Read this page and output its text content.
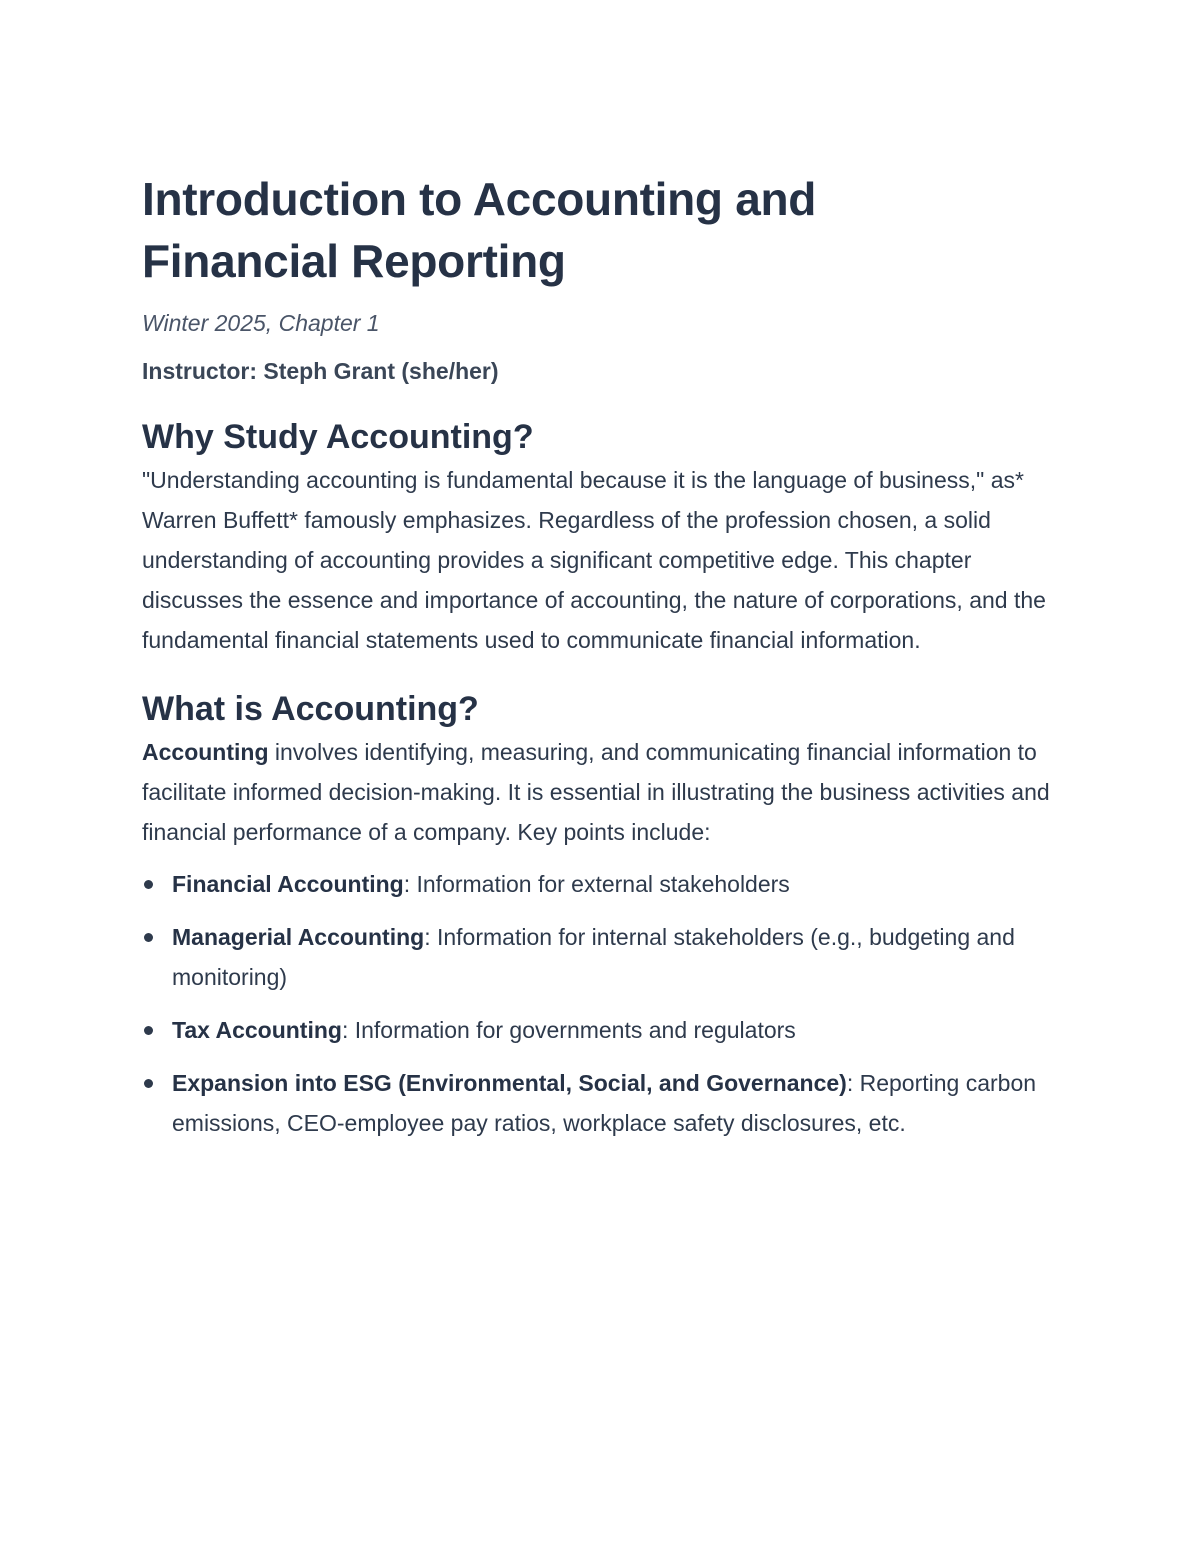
Introduction to Accounting and
Financial Reporting

Winter 2025, Chapter 1

Instructor: Steph Grant (she/her)

Why Study Accounting?

"Understanding accounting is fundamental because it is the language of business," as* Warren Buffett* famously emphasizes. Regardless of the profession chosen, a solid understanding of accounting provides a significant competitive edge. This chapter discusses the essence and importance of accounting, the nature of corporations, and the fundamental financial statements used to communicate financial information.

What is Accounting?

Accounting involves identifying, measuring, and communicating financial information to facilitate informed decision-making. It is essential in illustrating the business activities and financial performance of a company. Key points include:

Financial Accounting: Information for external stakeholders
Managerial Accounting: Information for internal stakeholders (e.g., budgeting and monitoring)
Tax Accounting: Information for governments and regulators
Expansion into ESG (Environmental, Social, and Governance): Reporting carbon emissions, CEO-employee pay ratios, workplace safety disclosures, etc.
